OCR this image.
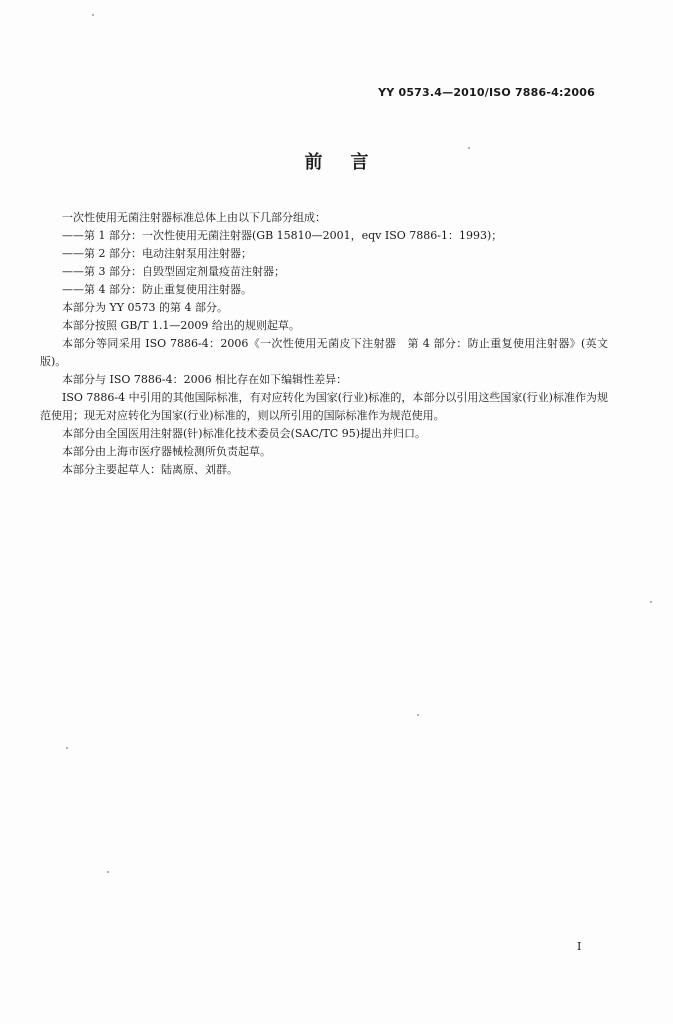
YY 0573.4—2010/ISO 7886-4:2006
前言

一次性使用无菌注射器标准总体上由以下几部分组成：

——第 1 部分：一次性使用无菌注射器(GB 15810—2001，eqv ISO 7886-1：1993)；

——第 2 部分：电动注射泵用注射器；

——第 3 部分：自毁型固定剂量疫苗注射器；

——第 4 部分：防止重复使用注射器。

本部分为 YY 0573 的第 4 部分。

本部分按照 GB/T 1.1—2009 给出的规则起草。

本部分等同采用 ISO 7886-4：2006《一次性使用无菌皮下注射器　第 4 部分：防止重复使用注射器》(英文版)。

本部分与 ISO 7886-4：2006 相比存在如下编辑性差异：

ISO 7886-4 中引用的其他国际标准，有对应转化为国家(行业)标准的，本部分以引用这些国家(行业)标准作为规范使用；现无对应转化为国家(行业)标准的，则以所引用的国际标准作为规范使用。

本部分由全国医用注射器(针)标准化技术委员会(SAC/TC 95)提出并归口。

本部分由上海市医疗器械检测所负责起草。

本部分主要起草人：陆离原、刘群。

I
